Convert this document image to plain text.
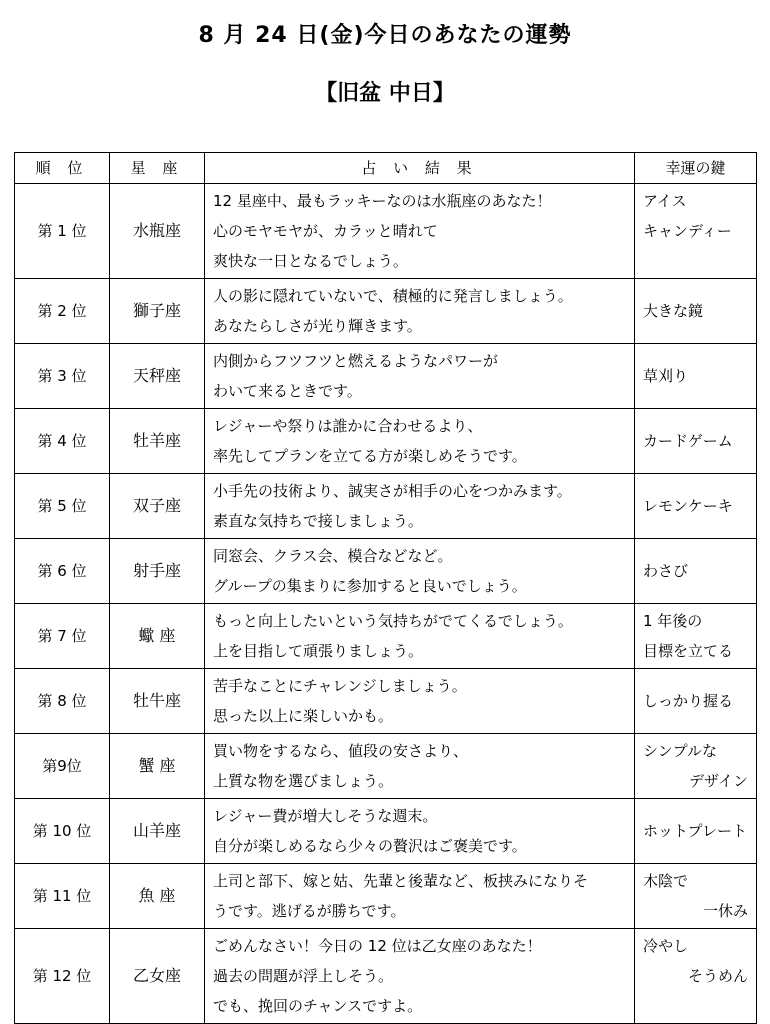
8 月 24 日(金)今日のあなたの運勢
【旧盆 中日】
順 位	星 座	占 い 結 果	幸運の鍵
第 1 位	水瓶座	12 星座中、最もラッキーなのは水瓶座のあなた！
心のモヤモヤが、カラッと晴れて
爽快な一日となるでしょう。	アイス
キャンディー

第 2 位	獅子座	人の影に隠れていないで、積極的に発言しましょう。
あなたらしさが光り輝きます。	大きな鏡

第 3 位	天秤座	内側からフツフツと燃えるようなパワーが
わいて来るときです。	草刈り

第 4 位	牡羊座	レジャーや祭りは誰かに合わせるより、
率先してプランを立てる方が楽しめそうです。	カードゲーム

第 5 位	双子座	小手先の技術より、誠実さが相手の心をつかみます。
素直な気持ちで接しましょう。	レモンケーキ

第 6 位	射手座	同窓会、クラス会、模合などなど。
グループの集まりに参加すると良いでしょう。	わさび

第 7 位	蠍 座	もっと向上したいという気持ちがでてくるでしょう。
上を目指して頑張りましょう。	1 年後の
目標を立てる

第 8 位	牡牛座	苦手なことにチャレンジしましょう。
思った以上に楽しいかも。	しっかり握る

第9位	蟹 座	買い物をするなら、値段の安さより、
上質な物を選びましょう。	シンプルな
デザイン

第 10 位	山羊座	レジャー費が増大しそうな週末。
自分が楽しめるなら少々の贅沢はご褒美です。	ホットプレート

第 11 位	魚 座	上司と部下、嫁と姑、先輩と後輩など、板挟みになりそ
うです。逃げるが勝ちです。	木陰で
一休み

第 12 位	乙女座	ごめんなさい！今日の 12 位は乙女座のあなた！
過去の問題が浮上しそう。
でも、挽回のチャンスですよ。	冷やし
そうめん
